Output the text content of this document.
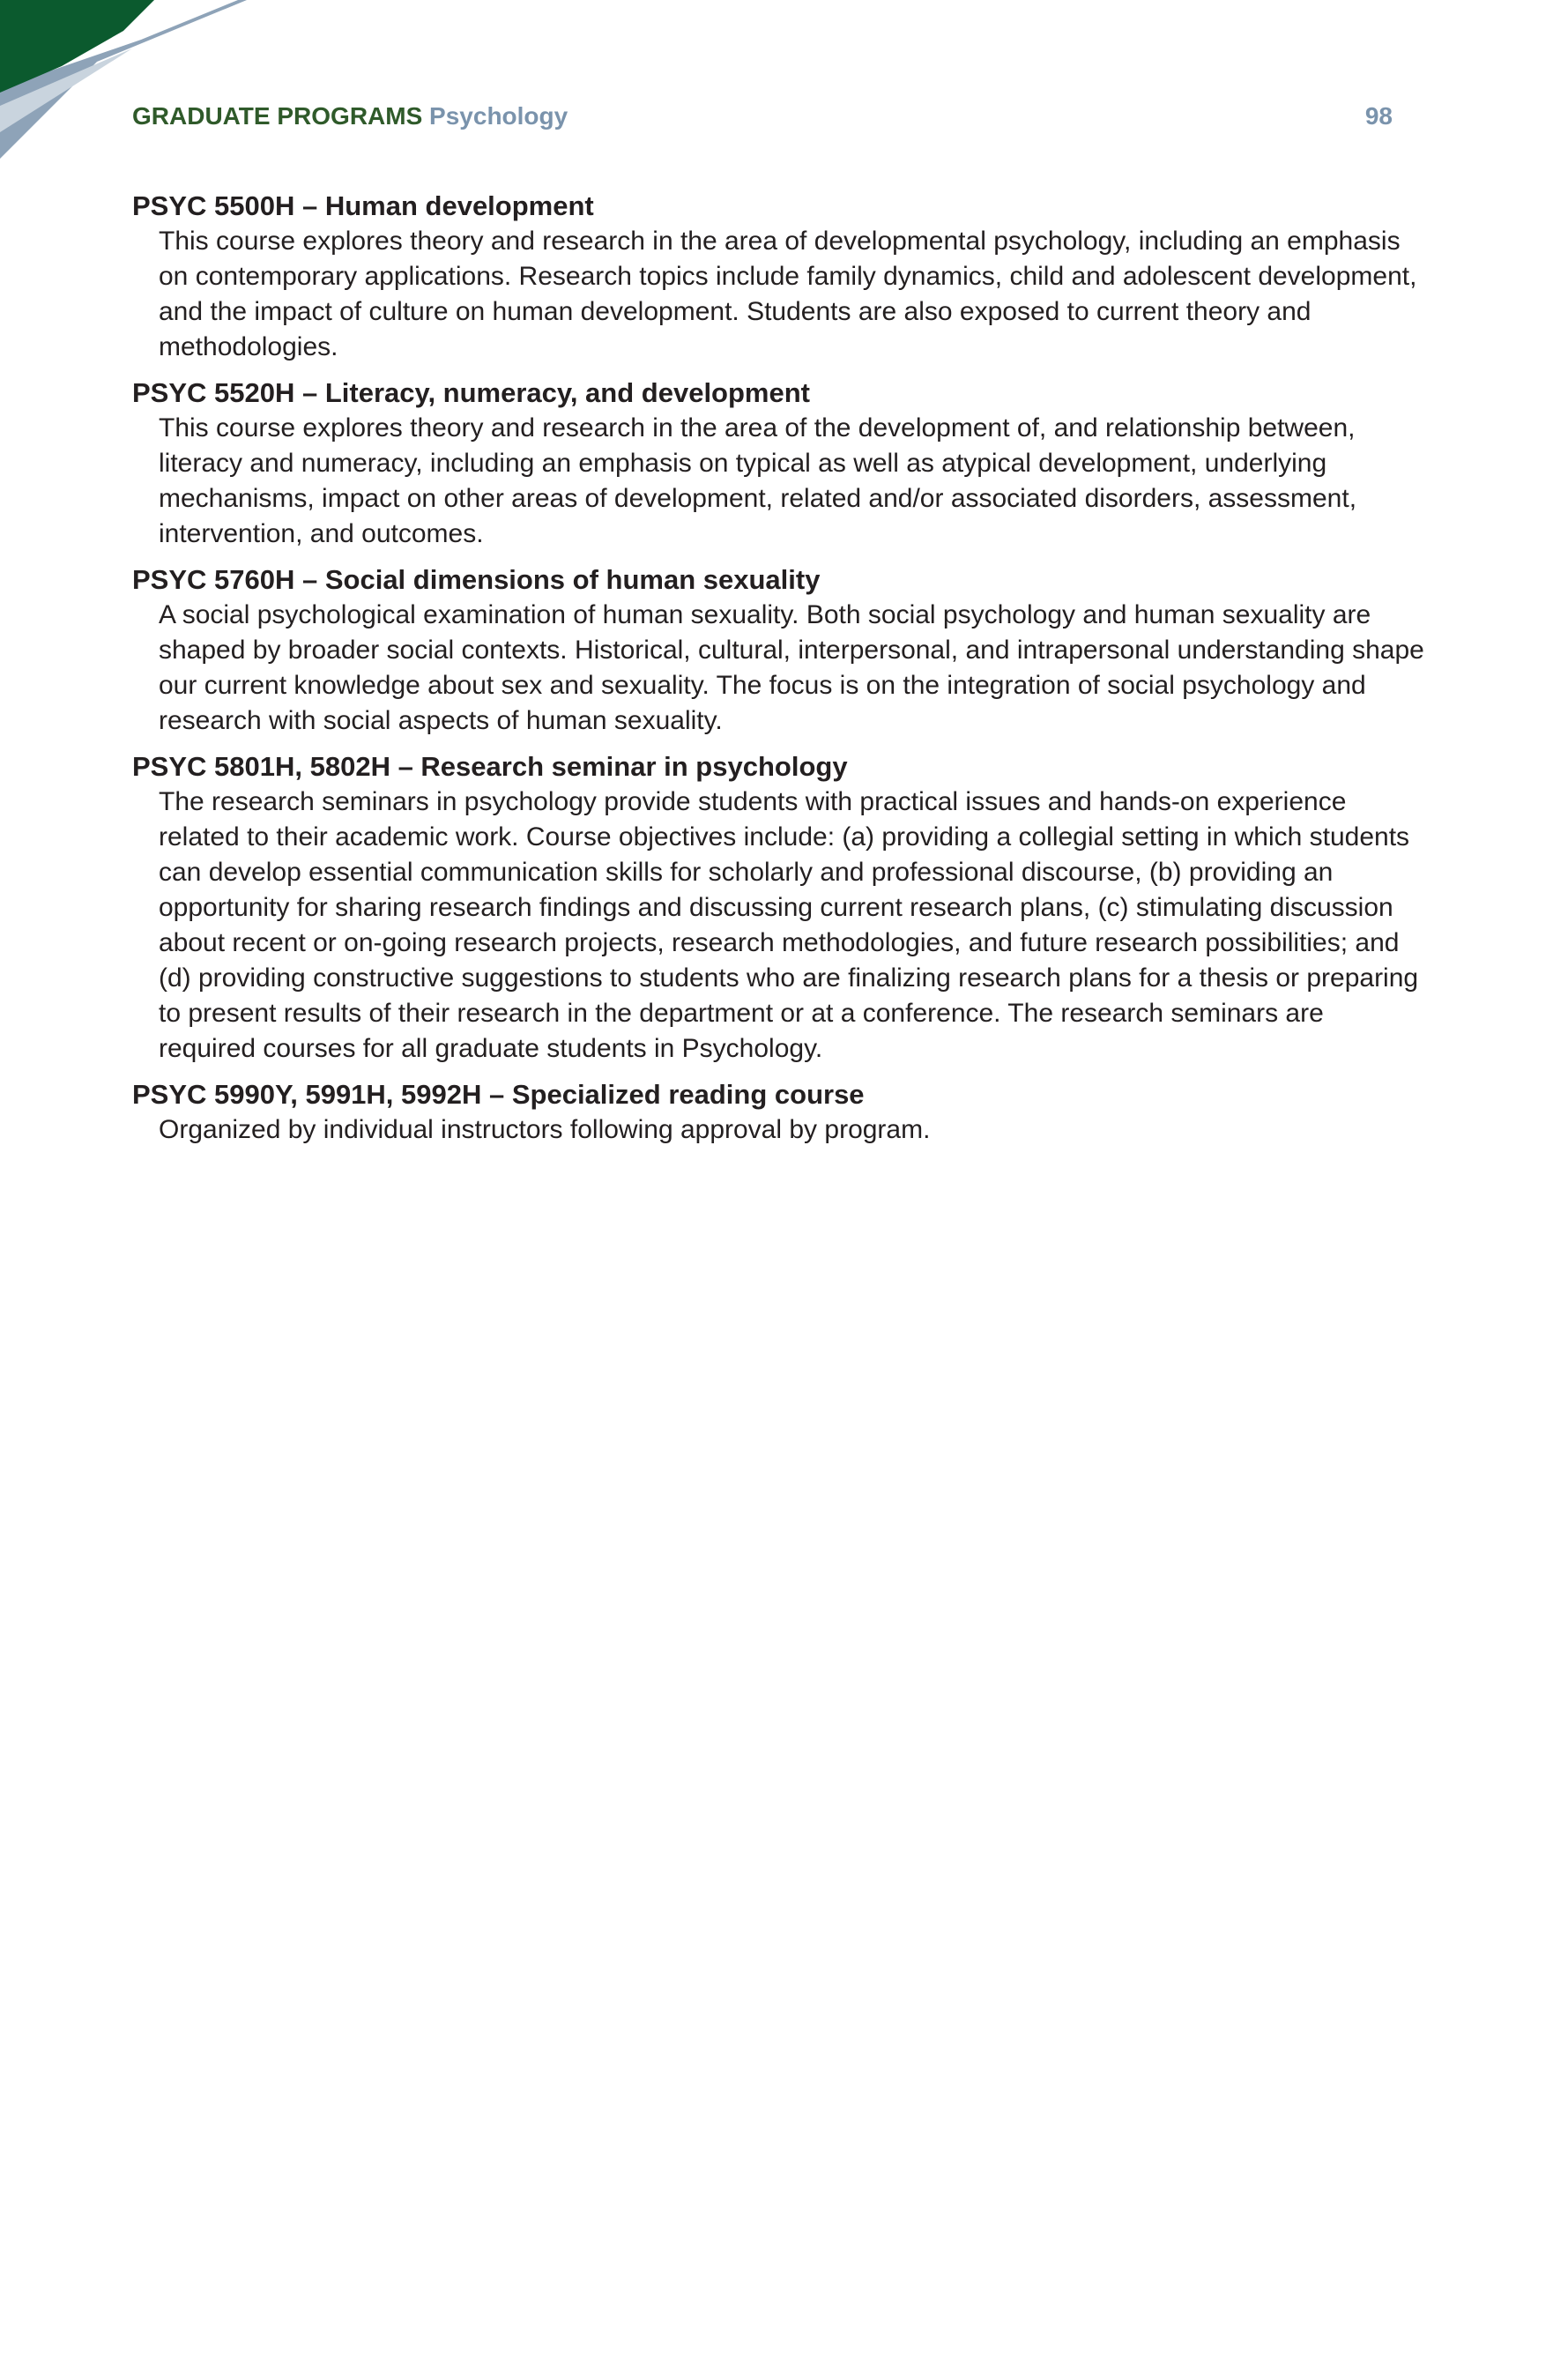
GRADUATE PROGRAMS Psychology	98
PSYC 5500H – Human development
This course explores theory and research in the area of developmental psychology, including an emphasis on contemporary applications. Research topics include family dynamics, child and adolescent development, and the impact of culture on human development. Students are also exposed to current theory and methodologies.
PSYC 5520H – Literacy, numeracy, and development
This course explores theory and research in the area of the development of, and relationship between, literacy and numeracy, including an emphasis on typical as well as atypical development, underlying mechanisms, impact on other areas of development, related and/or associated disorders, assessment, intervention, and outcomes.
PSYC 5760H – Social dimensions of human sexuality
A social psychological examination of human sexuality. Both social psychology and human sexuality are shaped by broader social contexts. Historical, cultural, interpersonal, and intrapersonal understanding shape our current knowledge about sex and sexuality. The focus is on the integration of social psychology and research with social aspects of human sexuality.
PSYC 5801H, 5802H – Research seminar in psychology
The research seminars in psychology provide students with practical issues and hands-on experience related to their academic work. Course objectives include: (a) providing a collegial setting in which students can develop essential communication skills for scholarly and professional discourse, (b) providing an opportunity for sharing research findings and discussing current research plans, (c) stimulating discussion about recent or on-going research projects, research methodologies, and future research possibilities; and (d) providing constructive suggestions to students who are finalizing research plans for a thesis or preparing to present results of their research in the department or at a conference. The research seminars are required courses for all graduate students in Psychology.
PSYC 5990Y, 5991H, 5992H – Specialized reading course
Organized by individual instructors following approval by program.
